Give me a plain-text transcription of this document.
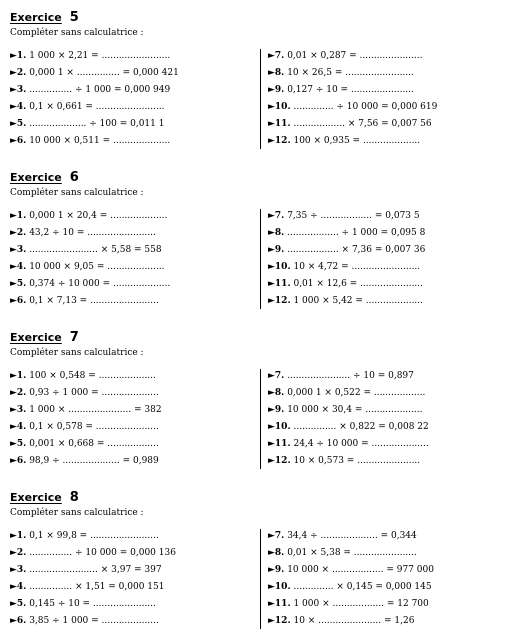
Exercice 5
Compléter sans calculatrice :
►1. 1 000 × 2,21 = ........................
►2. 0,000 1 × ............... = 0,000 421
►3. ............... ÷ 1 000 = 0,000 949
►4. 0,1 × 0,661 = ........................
►5. .................... ÷ 100 = 0,011 1
►6. 10 000 × 0,511 = ....................
►7. 0,01 × 0,287 = ......................
►8. 10 × 26,5 = ........................
►9. 0,127 ÷ 10 = ......................
►10. .............. ÷ 10 000 = 0,000 619
►11. .................. × 7,56 = 0,007 56
►12. 100 × 0,935 = ....................
Exercice 6
Compléter sans calculatrice :
►1. 0,000 1 × 20,4 = ....................
►2. 43,2 ÷ 10 = ........................
►3. ........................ × 5,58 = 558
►4. 10 000 × 9,05 = ....................
►5. 0,374 ÷ 10 000 = ....................
►6. 0,1 × 7,13 = ........................
►7. 7,35 ÷ .................. = 0,073 5
►8. .................. ÷ 1 000 = 0,095 8
►9. .................. × 7,36 = 0,007 36
►10. 10 × 4,72 = ........................
►11. 0,01 × 12,6 = ......................
►12. 1 000 × 5,42 = ....................
Exercice 7
Compléter sans calculatrice :
►1. 100 × 0,548 = ....................
►2. 0,93 ÷ 1 000 = ....................
►3. 1 000 × ...................... = 382
►4. 0,1 × 0,578 = ......................
►5. 0,001 × 0,668 = ..................
►6. 98,9 ÷ .................... = 0,989
►7. ...................... ÷ 10 = 0,897
►8. 0,000 1 × 0,522 = ..................
►9. 10 000 × 30,4 = ....................
►10. ............... × 0,822 = 0,008 22
►11. 24,4 ÷ 10 000 = ....................
►12. 10 × 0,573 = ......................
Exercice 8
Compléter sans calculatrice :
►1. 0,1 × 99,8 = ........................
►2. ............... ÷ 10 000 = 0,000 136
►3. ........................ × 3,97 = 397
►4. ............... × 1,51 = 0,000 151
►5. 0,145 ÷ 10 = ......................
►6. 3,85 ÷ 1 000 = ....................
►7. 34,4 ÷ .................... = 0,344
►8. 0,01 × 5,38 = ......................
►9. 10 000 × .................. = 977 000
►10. .............. × 0,145 = 0,000 145
►11. 1 000 × .................. = 12 700
►12. 10 × ...................... = 1,26
